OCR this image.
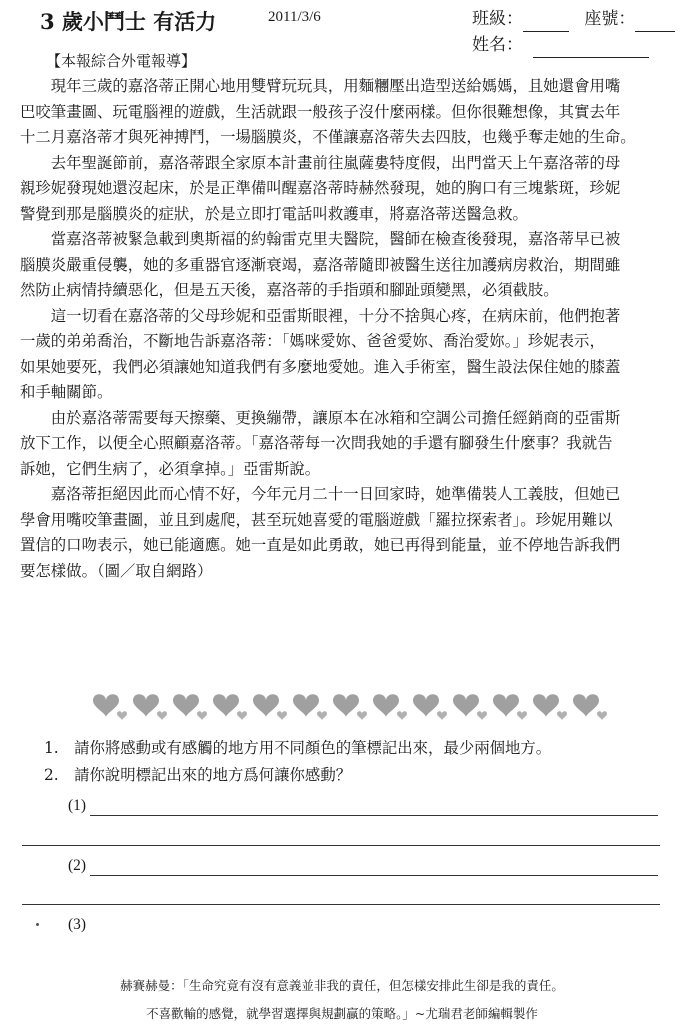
3 歲小鬥士 有活力	2011/3/6	班級：	座號：
姓名：
【本報綜合外電報導】

　　現年三歲的嘉洛蒂正開心地用雙臂玩玩具，用麵糰壓出造型送給媽媽，且她還會用嘴

巴咬筆畫圖、玩電腦裡的遊戲，生活就跟一般孩子沒什麼兩樣。但你很難想像，其實去年

十二月嘉洛蒂才與死神搏鬥，一場腦膜炎，不僅讓嘉洛蒂失去四肢，也幾乎奪走她的生命。

　　去年聖誕節前，嘉洛蒂跟全家原本計畫前往嵐薩婁特度假，出門當天上午嘉洛蒂的母

親珍妮發現她還沒起床，於是正準備叫醒嘉洛蒂時赫然發現，她的胸口有三塊紫斑，珍妮

警覺到那是腦膜炎的症狀，於是立即打電話叫救護車，將嘉洛蒂送醫急救。

　　當嘉洛蒂被緊急載到奧斯福的約翰雷克里夫醫院，醫師在檢查後發現，嘉洛蒂早已被

腦膜炎嚴重侵襲，她的多重器官逐漸衰竭，嘉洛蒂隨即被醫生送往加護病房救治，期間雖

然防止病情持續惡化，但是五天後，嘉洛蒂的手指頭和腳趾頭變黑，必須截肢。

　　這一切看在嘉洛蒂的父母珍妮和亞雷斯眼裡，十分不捨與心疼，在病床前，他們抱著

一歲的弟弟喬治，不斷地告訴嘉洛蒂：「媽咪愛妳、爸爸愛妳、喬治愛妳。」珍妮表示，

如果她要死，我們必須讓她知道我們有多麼地愛她。進入手術室，醫生設法保住她的膝蓋

和手軸關節。

　　由於嘉洛蒂需要每天擦藥、更換繃帶，讓原本在冰箱和空調公司擔任經銷商的亞雷斯

放下工作，以便全心照顧嘉洛蒂。「嘉洛蒂每一次問我她的手還有腳發生什麼事？我就告

訴她，它們生病了，必須拿掉。」亞雷斯說。

　　嘉洛蒂拒絕因此而心情不好，今年元月二十一日回家時，她準備裝人工義肢，但她已

學會用嘴咬筆畫圖，並且到處爬，甚至玩她喜愛的電腦遊戲「羅拉探索者」。珍妮用難以

置信的口吻表示，她已能適應。她一直是如此勇敢，她已再得到能量，並不停地告訴我們

要怎樣做。（圖／取自網路）

1.　請你將感動或有感觸的地方用不同顏色的筆標記出來，最少兩個地方。
2.　請你說明標記出來的地方爲何讓你感動？
(1)
(2)
(3)
赫賽赫曼：「生命究竟有沒有意義並非我的責任，但怎樣安排此生卻是我的責任。
不喜歡輸的感覺，就學習選擇與規劃贏的策略。」~尤瑞君老師編輯製作
